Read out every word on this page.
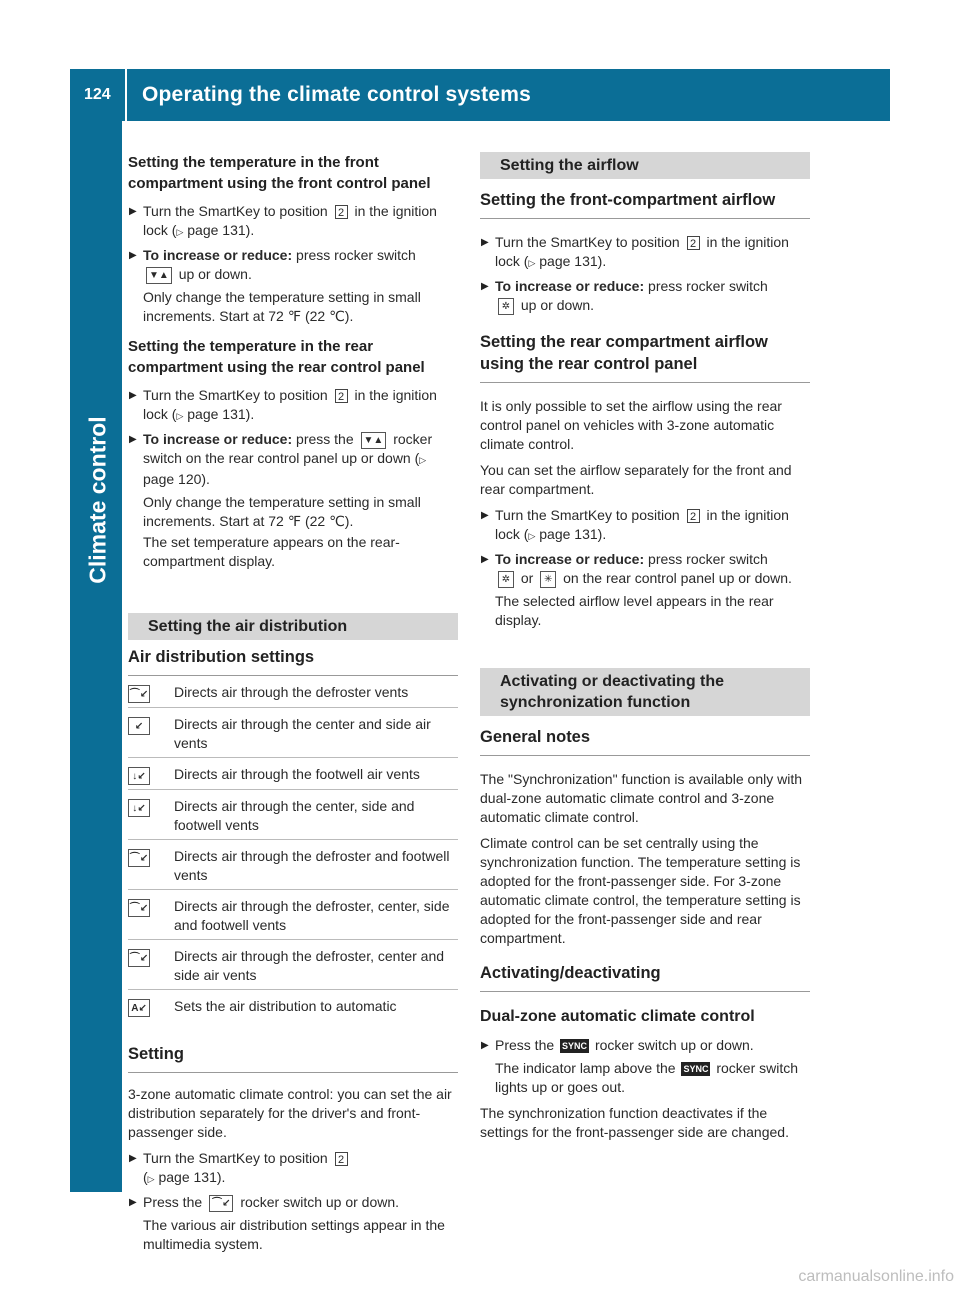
124 Operating the climate control systems
Climate control
Setting the temperature in the front compartment using the front control panel
▶ Turn the SmartKey to position 2 in the ignition lock (▷ page 131).
▶ To increase or reduce: press rocker switch
▼▲ up or down.
Only change the temperature setting in small increments. Start at 72 ℉ (22 ℃).
Setting the temperature in the rear compartment using the rear control panel
▶ Turn the SmartKey to position 2 in the ignition lock (▷ page 131).
▶ To increase or reduce: press the ▼▲ rocker switch on the rear control panel up or down (▷ page 120).
Only change the temperature setting in small increments. Start at 72 ℉ (22 ℃).
The set temperature appears on the rear-compartment display.
Setting the air distribution
Air distribution settings
⌒↙	Directs air through the defroster vents
↙	Directs air through the center and side air vents
↓↙	Directs air through the footwell air vents
↓↙	Directs air through the center, side and footwell vents
⌒↙	Directs air through the defroster and footwell vents
⌒↙	Directs air through the defroster, center, side and footwell vents
⌒↙	Directs air through the defroster, center and side air vents
A↙	Sets the air distribution to automatic
Setting
3-zone automatic climate control: you can set the air distribution separately for the driver's and front-passenger side.
▶ Turn the SmartKey to position 2
(▷ page 131).
▶ Press the ⌒↙ rocker switch up or down.
The various air distribution settings appear in the multimedia system.
Setting the airflow
Setting the front-compartment airflow
▶ Turn the SmartKey to position 2 in the ignition lock (▷ page 131).
▶ To increase or reduce: press rocker switch
✲ up or down.
Setting the rear compartment airflow using the rear control panel
It is only possible to set the airflow using the rear control panel on vehicles with 3-zone automatic climate control.
You can set the airflow separately for the front and rear compartment.
▶ Turn the SmartKey to position 2 in the ignition lock (▷ page 131).
▶ To increase or reduce: press rocker switch
✲ or ✳ on the rear control panel up or down.
The selected airflow level appears in the rear display.
Activating or deactivating the synchronization function
General notes
The "Synchronization" function is available only with dual-zone automatic climate control and 3-zone automatic climate control.
Climate control can be set centrally using the synchronization function. The temperature setting is adopted for the front-passenger side. For 3-zone automatic climate control, the temperature setting is adopted for the front-passenger side and rear compartment.
Activating/deactivating
Dual-zone automatic climate control
▶ Press the SYNC rocker switch up or down.
The indicator lamp above the SYNC rocker switch lights up or goes out.
The synchronization function deactivates if the settings for the front-passenger side are changed.
carmanualsonline.info
